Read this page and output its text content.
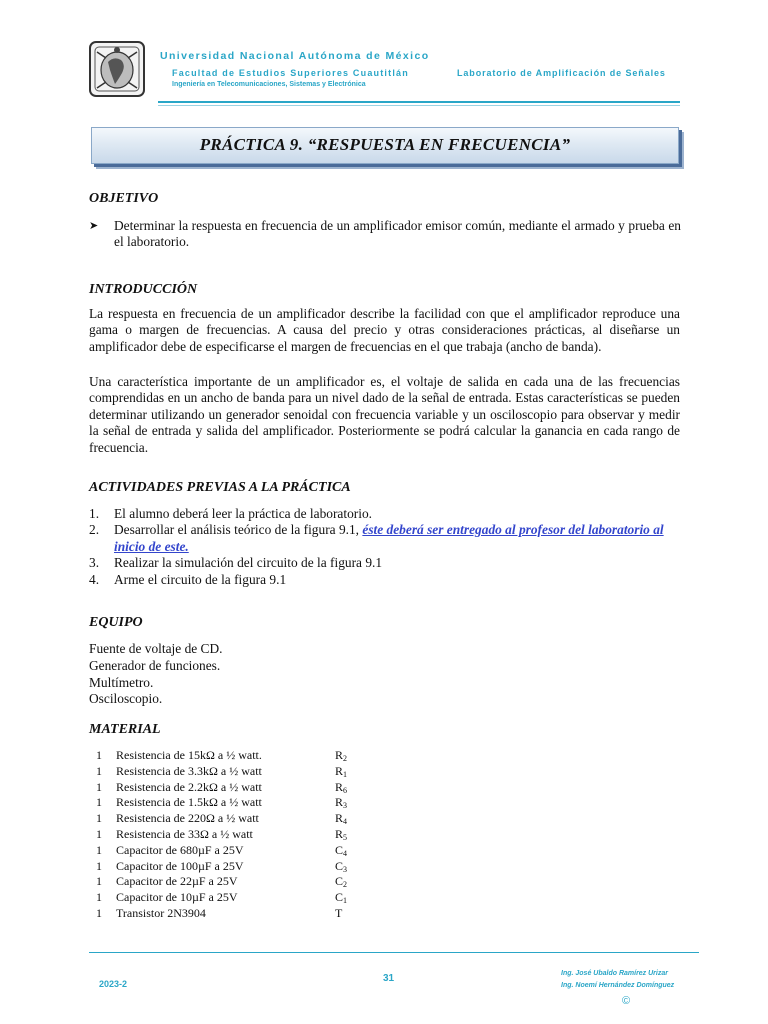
Universidad Nacional Autónoma de México
Facultad de Estudios Superiores Cuautitlán
Ingeniería en Telecomunicaciones, Sistemas y Electrónica
Laboratorio de Amplificación de Señales
PRÁCTICA 9. “RESPUESTA EN FRECUENCIA”
OBJETIVO
➤ Determinar la respuesta en frecuencia de un amplificador emisor común, mediante el armado y prueba en el laboratorio.
INTRODUCCIÓN
La respuesta en frecuencia de un amplificador describe la facilidad con que el amplificador reproduce una gama o margen de frecuencias. A causa del precio y otras consideraciones prácticas, al diseñarse un amplificador debe de especificarse el margen de frecuencias en el que trabaja (ancho de banda).
Una característica importante de un amplificador es, el voltaje de salida en cada una de las frecuencias comprendidas en un ancho de banda para un nivel dado de la señal de entrada. Estas características se pueden determinar utilizando un generador senoidal con frecuencia variable y un osciloscopio para observar y medir la señal de entrada y salida del amplificador. Posteriormente se podrá calcular la ganancia en cada rango de frecuencia.
ACTIVIDADES PREVIAS A LA PRÁCTICA
1. El alumno deberá leer la práctica de laboratorio.
2. Desarrollar el análisis teórico de la figura 9.1, éste deberá ser entregado al profesor del laboratorio al inicio de este.
3. Realizar la simulación del circuito de la figura 9.1
4. Arme el circuito de la figura 9.1
EQUIPO
Fuente de voltaje de CD.
Generador de funciones.
Multímetro.
Osciloscopio.
MATERIAL
1 Resistencia de 15kΩ a ½ watt.	$R_2$
1 Resistencia de 3.3kΩ a ½ watt	$R_1$
1 Resistencia de 2.2kΩ a ½ watt	$R_6$
1 Resistencia de 1.5kΩ a ½ watt	$R_3$
1 Resistencia de 220Ω a ½ watt	$R_4$
1 Resistencia de 33Ω a ½ watt	$R_5$
1 Capacitor de 680µF a 25V	$C_4$
1 Capacitor de 100µF a 25V	$C_3$
1 Capacitor de 22µF a 25V	$C_2$
1 Capacitor de 10µF a 25V	$C_1$
1 Transistor 2N3904	T
2023-2	31	Ing. José Ubaldo Ramírez Urizar
Ing. Noemí Hernández Domínguez
©
